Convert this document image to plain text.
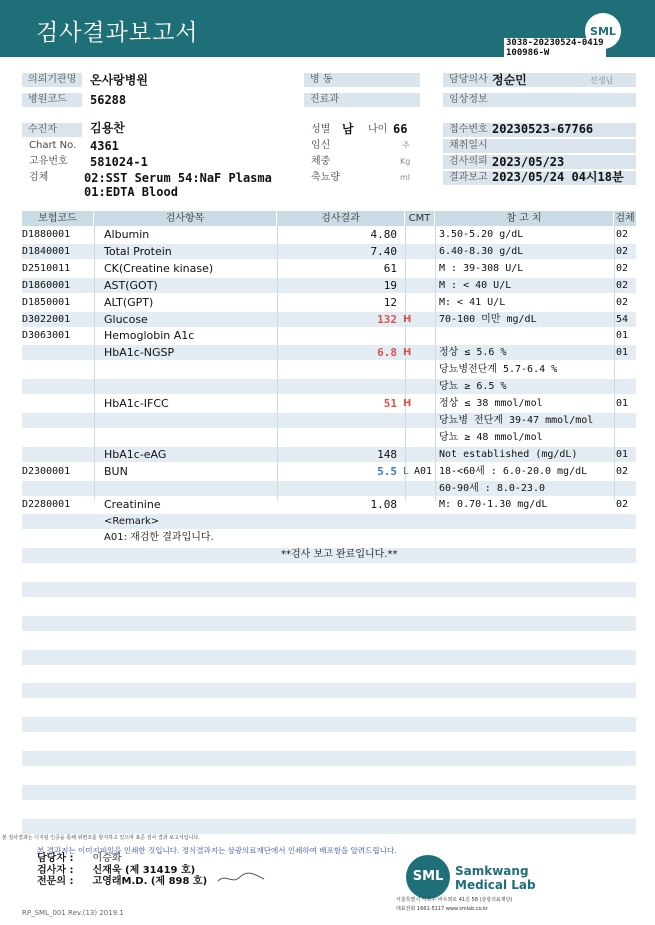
검사결과보고서	SML
3038-20230524-0419
100986-W
의뢰기관명	온사랑병원	병 동	담당의사 정순민	선생님
병원코드	56288	진료과	임상정보
수진자	김용찬	성별 남 나이 66	접수번호 20230523-67766
Chart No. 4361	임신	주	채취일시
고유번호 581024-1	체중	Kg	검사의뢰 2023/05/23
검체	02:SST Serum 54:NaF Plasma
01:EDTA Blood
축뇨량	ml	결과보고 2023/05/24 04시18분
보험코드	검사항목	검사결과	CMT	참 고 치	검체
D1880001	Albumin	4.80	3.50-5.20 g/dL	02
D1840001	Total Protein	7.40	6.40-8.30 g/dL	02
D2510011	CK(Creatine kinase)	61	M : 39-308 U/L	02
D1860001	AST(GOT)	19	M : < 40 U/L	02
D1850001	ALT(GPT)	12	M: < 41 U/L	02
D3022001	Glucose	132 H	70-100 미만 mg/dL	54
D3063001	Hemoglobin A1c	01
HbA1c-NGSP	6.8 H	정상 ≤ 5.6 %	01
당뇨병전단계 5.7-6.4 %
당뇨 ≥ 6.5 %
HbA1c-IFCC	51 H	정상 ≤ 38 mmol/mol	01
당뇨병 전단계 39-47 mmol/mol
당뇨 ≥ 48 mmol/mol
HbA1c-eAG	148	Not established (mg/dL)	01
D2300001	BUN	5.5 L A01 18-<60세 : 6.0-20.0 mg/dL	02
60-90세 : 8.0-23.0
D2280001	Creatinine	1.08	M: 0.70-1.30 mg/dL	02
<Remark>
A01: 재검한 결과입니다.
**검사 보고 완료입니다.**
본 검사결과는 디지털 인증을 통해 위변조를 방지하고 있으며 표준 검사 결과 보고서입니다.
본 결과지는 이미지파일을 인쇄한 것입니다. 정식결과지는 삼광의료재단에서 인쇄하여 배포함을 알려드립니다.
담당자 : 이승화
검사자 : 신재욱 (제 31419 호)
전문의 : 고영래M.D. (제 898 호)	SML Samkwang
Medical Lab
서울특별시 서초구 바우뫼로 41길 58 (삼광의료재단)
대표전화 1661-5117 www.smlab.co.kr
RP_SML_001 Rev.(13) 2019.1
